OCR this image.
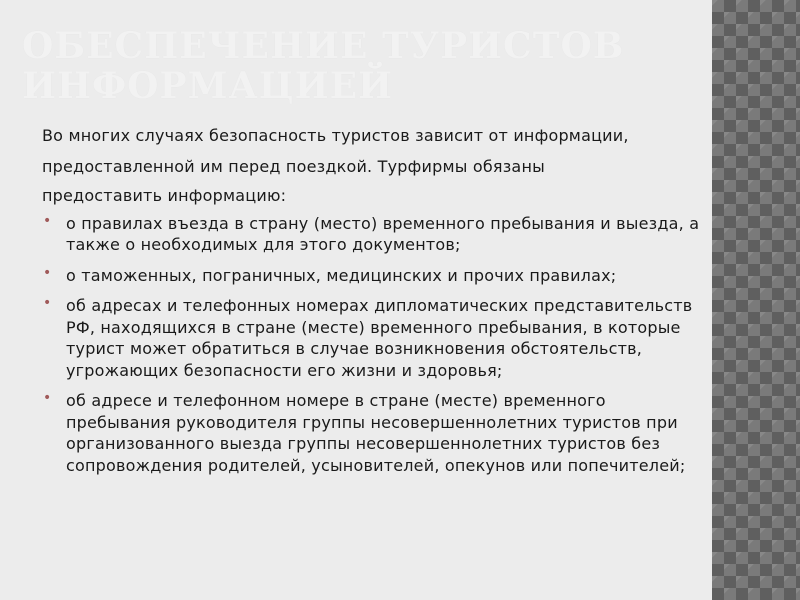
ОБЕСПЕЧЕНИЕ ТУРИСТОВ ИНФОРМАЦИЕЙ

Во многих случаях безопасность туристов зависит от информации,

предоставленной им перед поездкой. Турфирмы обязаны

предоставить информацию:

• о правилах въезда в страну (место) временного пребывания и выезда, а также о необходимых для этого документов;
• о таможенных, пограничных, медицинских и прочих правилах;
• об адресах и телефонных номерах дипломатических представительств РФ, находящихся в стране (месте) временного пребывания, в которые турист может обратиться в случае возникновения обстоятельств, угрожающих безопасности его жизни и здоровья;
• об адресе и телефонном номере в стране (месте) временного пребывания руководителя группы несовершеннолетних туристов при организованного выезда группы несовершеннолетних туристов без сопровождения родителей, усыновителей, опекунов или попечителей;
